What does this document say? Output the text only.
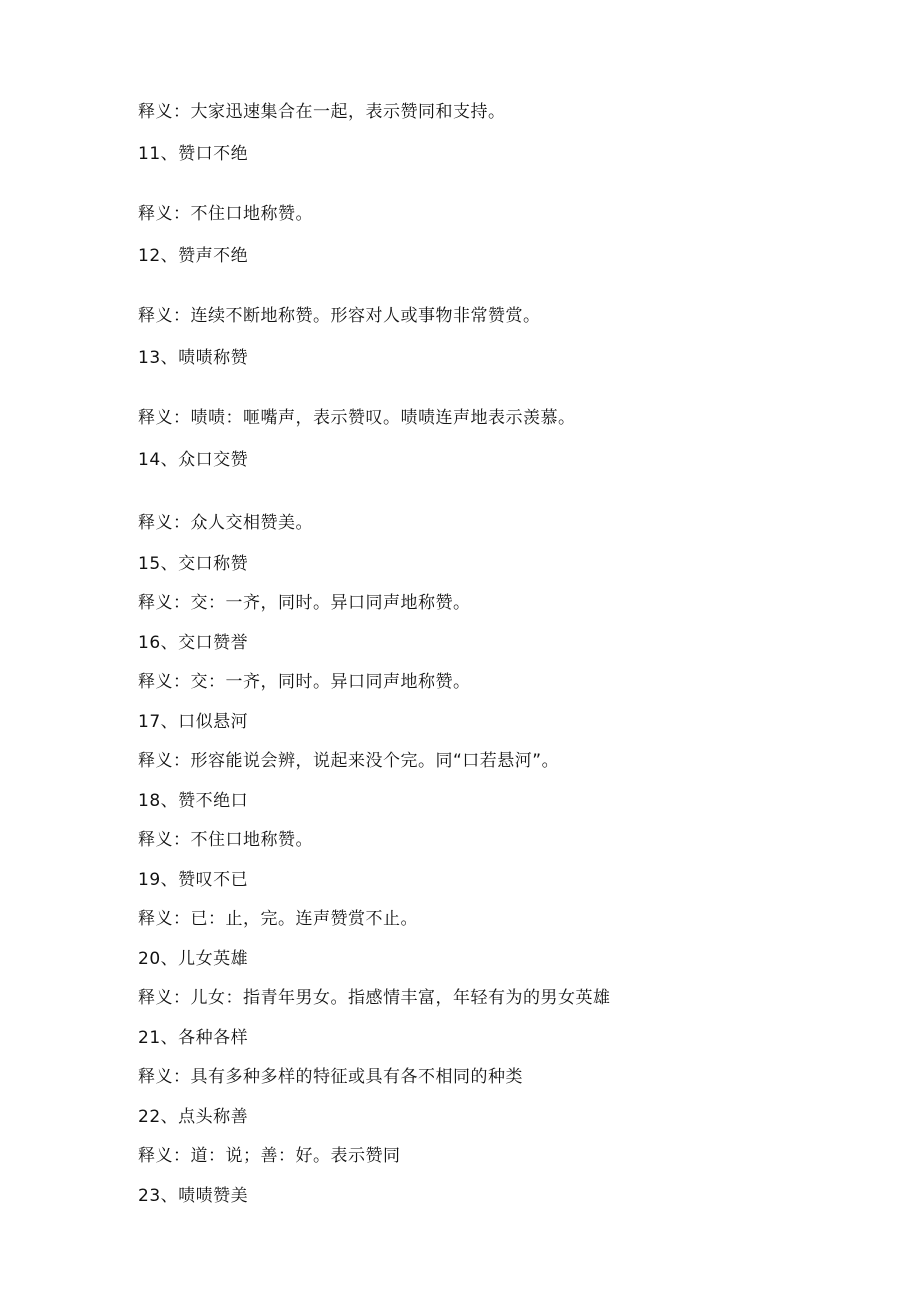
释义：大家迅速集合在一起，表示赞同和支持。
11、赞口不绝
释义：不住口地称赞。
12、赞声不绝
释义：连续不断地称赞。形容对人或事物非常赞赏。
13、啧啧称赞
释义：啧啧：咂嘴声，表示赞叹。啧啧连声地表示羡慕。
14、众口交赞
释义：众人交相赞美。
15、交口称赞
释义：交：一齐，同时。异口同声地称赞。
16、交口赞誉
释义：交：一齐，同时。异口同声地称赞。
17、口似悬河
释义：形容能说会辨，说起来没个完。同“口若悬河”。
18、赞不绝口
释义：不住口地称赞。
19、赞叹不已
释义：已：止，完。连声赞赏不止。
20、儿女英雄
释义：儿女：指青年男女。指感情丰富，年轻有为的男女英雄
21、各种各样
释义：具有多种多样的特征或具有各不相同的种类
22、点头称善
释义：道：说；善：好。表示赞同
23、啧啧赞美
